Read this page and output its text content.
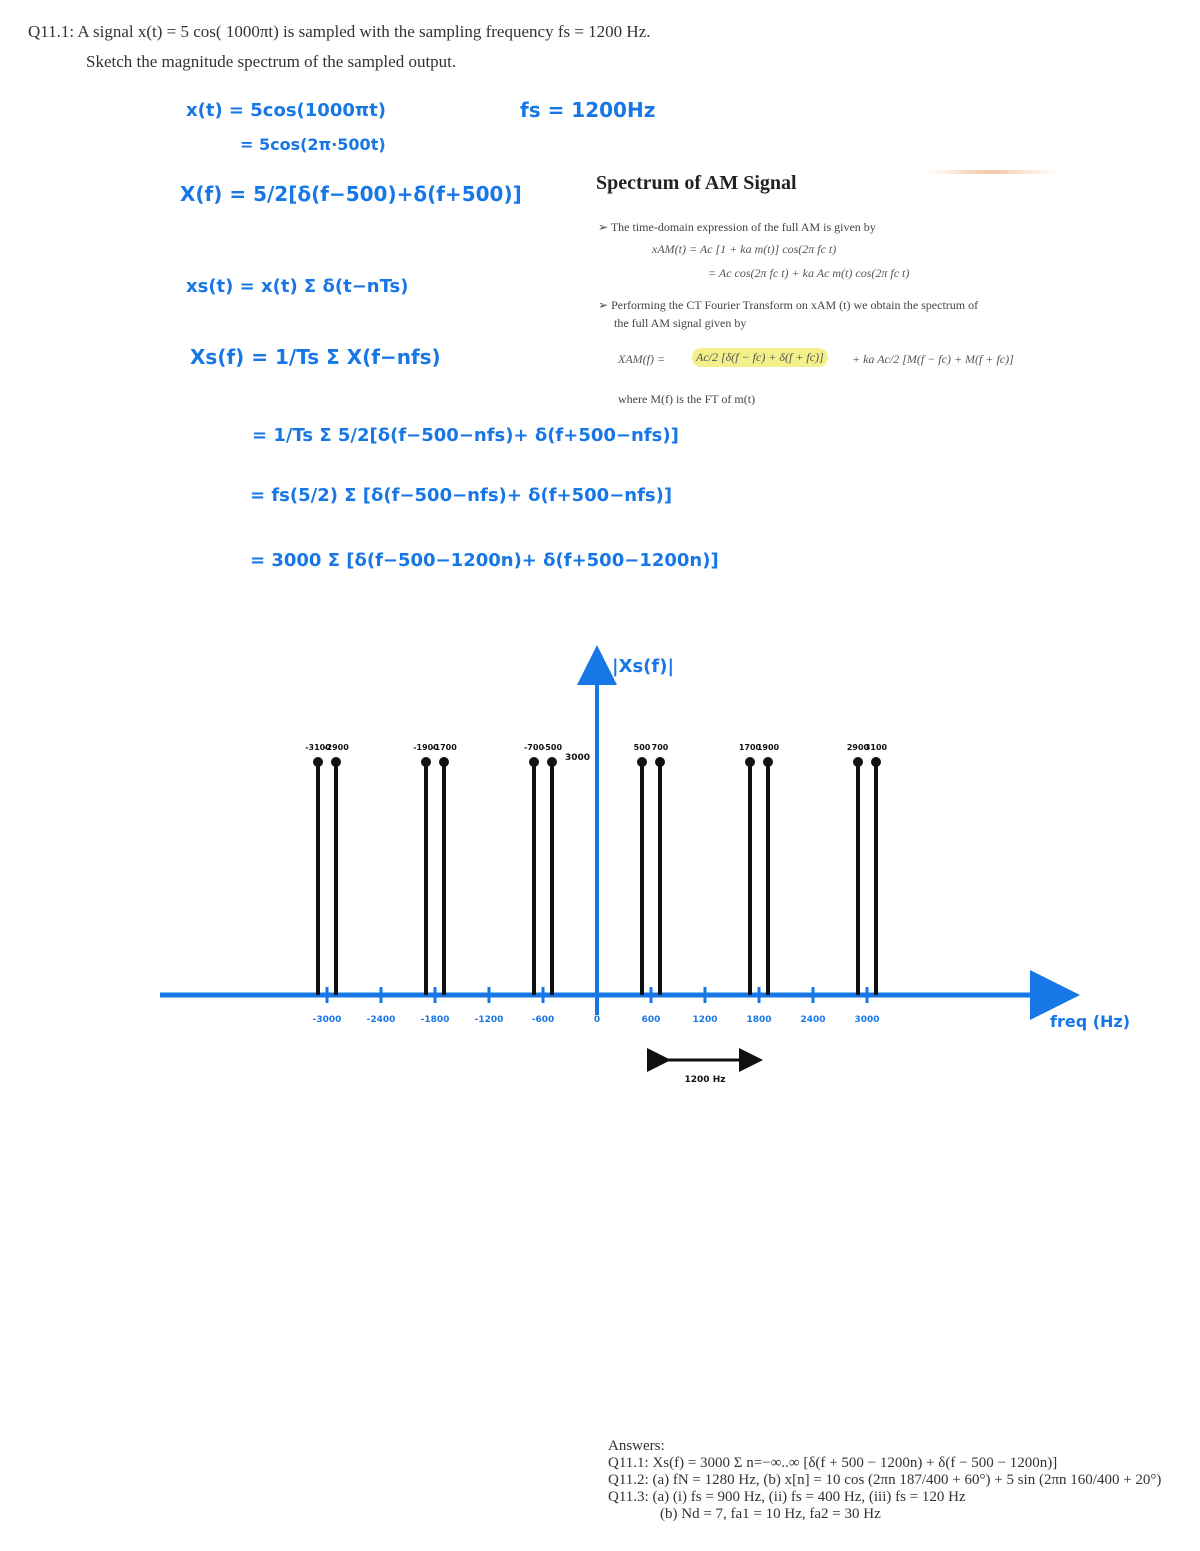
Q11.1: A signal x(t) = 5 cos( 1000πt) is sampled with the sampling frequency fs = 1200 Hz.
Sketch the magnitude spectrum of the sampled output.
x(t) = 5cos(1000πt)
= 5cos(2π·500t)
fs = 1200Hz
X(f) = 5/2[δ(f−500)+δ(f+500)]
xs(t) = x(t) Σ δ(t−nTs)
Xs(f) = 1/Ts Σ X(f−nfs)
= 1/Ts Σ 5/2[δ(f−500−nfs)+ δ(f+500−nfs)]
= fs(5/2) Σ [δ(f−500−nfs)+ δ(f+500−nfs)]
= 3000 Σ [δ(f−500−1200n)+ δ(f+500−1200n)]
Spectrum of AM Signal
➢ The time-domain expression of the full AM is given by
xAM(t) = Ac [1 + ka m(t)] cos(2π fc t)
= Ac cos(2π fc t) + ka Ac m(t) cos(2π fc t)
➢ Performing the CT Fourier Transform on xAM (t) we obtain the spectrum of
the full AM signal given by
XAM(f) =	Ac/2 [δ(f − fc) + δ(f + fc)]	+ ka Ac/2 [M(f − fc) + M(f + fc)]
where M(f) is the FT of m(t)
|Xs(f)|
freq (Hz)
-3000	-2400	-1800	-1200	-600	0	600	1200	1800	2400	3000
-3100
-2900	-1900
-1700	-700
-500	500 700	1700
1900	2900
3100
3000
1200 Hz
Answers:
Q11.1: Xs(f) = 3000 Σ n=−∞..∞ [δ(f + 500 − 1200n) + δ(f − 500 − 1200n)]
Q11.2: (a) fN = 1280 Hz, (b) x[n] = 10 cos (2πn 187/400 + 60°) + 5 sin (2πn 160/400 + 20°)
Q11.3: (a) (i) fs = 900 Hz, (ii) fs = 400 Hz, (iii) fs = 120 Hz
(b) Nd = 7, fa1 = 10 Hz, fa2 = 30 Hz
